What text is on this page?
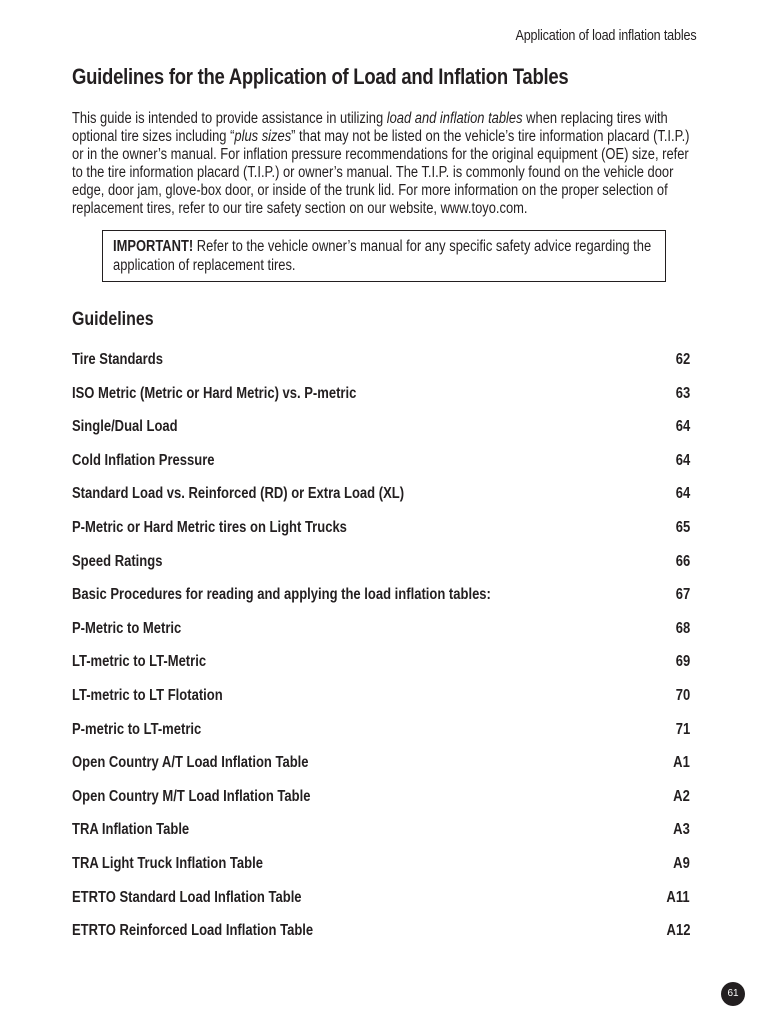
Application of load inflation tables
Guidelines for the Application of Load and Inflation Tables

This guide is intended to provide assistance in utilizing load and inflation tables when replacing tires with optional tire sizes including “plus sizes” that may not be listed on the vehicle’s tire information placard (T.I.P.) or in the owner’s manual. For inflation pressure recommendations for the original equipment (OE) size, refer to the tire information placard (T.I.P.) or owner’s manual. The T.I.P. is commonly found on the vehicle door edge, door jam, glove-box door, or inside of the trunk lid. For more information on the proper selection of replacement tires, refer to our tire safety section on our website, www.toyo.com.

IMPORTANT! Refer to the vehicle owner’s manual for any specific safety advice regarding the application of replacement tires.
Guidelines
Tire Standards	62
ISO Metric (Metric or Hard Metric) vs. P-metric	63
Single/Dual Load	64
Cold Inflation Pressure	64
Standard Load vs. Reinforced (RD) or Extra Load (XL)	64
P-Metric or Hard Metric tires on Light Trucks	65
Speed Ratings	66
Basic Procedures for reading and applying the load inflation tables:	67
P-Metric to Metric	68
LT-metric to LT-Metric	69
LT-metric to LT Flotation	70
P-metric to LT-metric	71
Open Country A/T Load Inflation Table	A1
Open Country M/T Load Inflation Table	A2
TRA Inflation Table	A3
TRA Light Truck Inflation Table	A9
ETRTO Standard Load Inflation Table	A11
ETRTO Reinforced Load Inflation Table	A12
61
